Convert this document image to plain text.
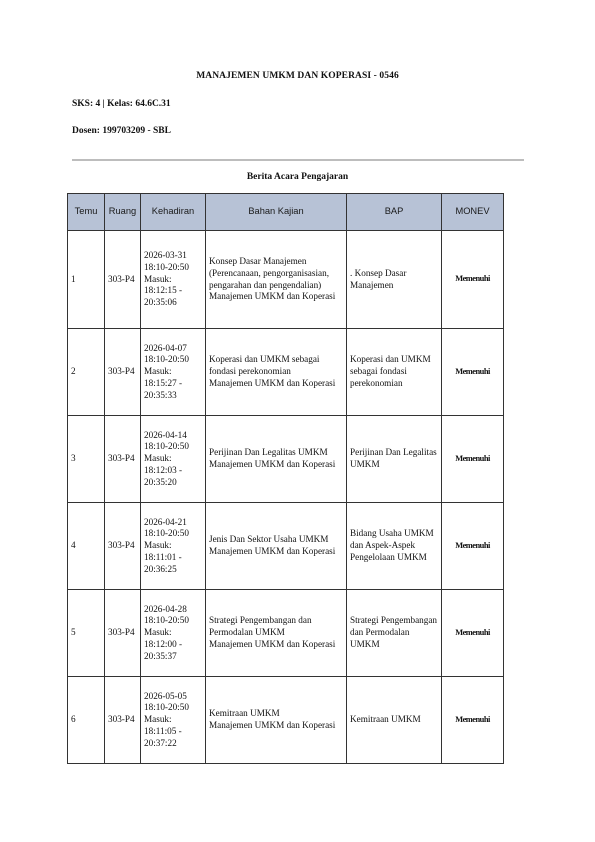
MANAJEMEN UMKM DAN KOPERASI - 0546
SKS: 4 | Kelas: 64.6C.31
Dosen: 199703209 - SBL
Berita Acara Pengajaran
Temu	Ruang	Kehadiran	Bahan Kajian	BAP	MONEV
1	303-P4	2026-03-31
18:10-20:50
Masuk:
18:12:15 - 20:35:06	Konsep Dasar Manajemen (Perencanaan, pengorganisasian, pengarahan dan pengendalian)
Manajemen UMKM dan Koperasi	. Konsep Dasar Manajemen	Memenuhi
2	303-P4	2026-04-07
18:10-20:50
Masuk:
18:15:27 - 20:35:33	Koperasi dan UMKM sebagai fondasi perekonomian
Manajemen UMKM dan Koperasi	Koperasi dan UMKM sebagai fondasi perekonomian	Memenuhi
3	303-P4	2026-04-14
18:10-20:50
Masuk:
18:12:03 - 20:35:20	Perijinan Dan Legalitas UMKM
Manajemen UMKM dan Koperasi	Perijinan Dan Legalitas UMKM	Memenuhi
4	303-P4	2026-04-21
18:10-20:50
Masuk:
18:11:01 - 20:36:25	Jenis Dan Sektor Usaha UMKM
Manajemen UMKM dan Koperasi	Bidang Usaha UMKM dan Aspek-Aspek Pengelolaan UMKM	Memenuhi
5	303-P4	2026-04-28
18:10-20:50
Masuk:
18:12:00 - 20:35:37	Strategi Pengembangan dan Permodalan UMKM
Manajemen UMKM dan Koperasi	Strategi Pengembangan dan Permodalan UMKM	Memenuhi
6	303-P4	2026-05-05
18:10-20:50
Masuk:
18:11:05 - 20:37:22	Kemitraan UMKM
Manajemen UMKM dan Koperasi	Kemitraan UMKM	Memenuhi
